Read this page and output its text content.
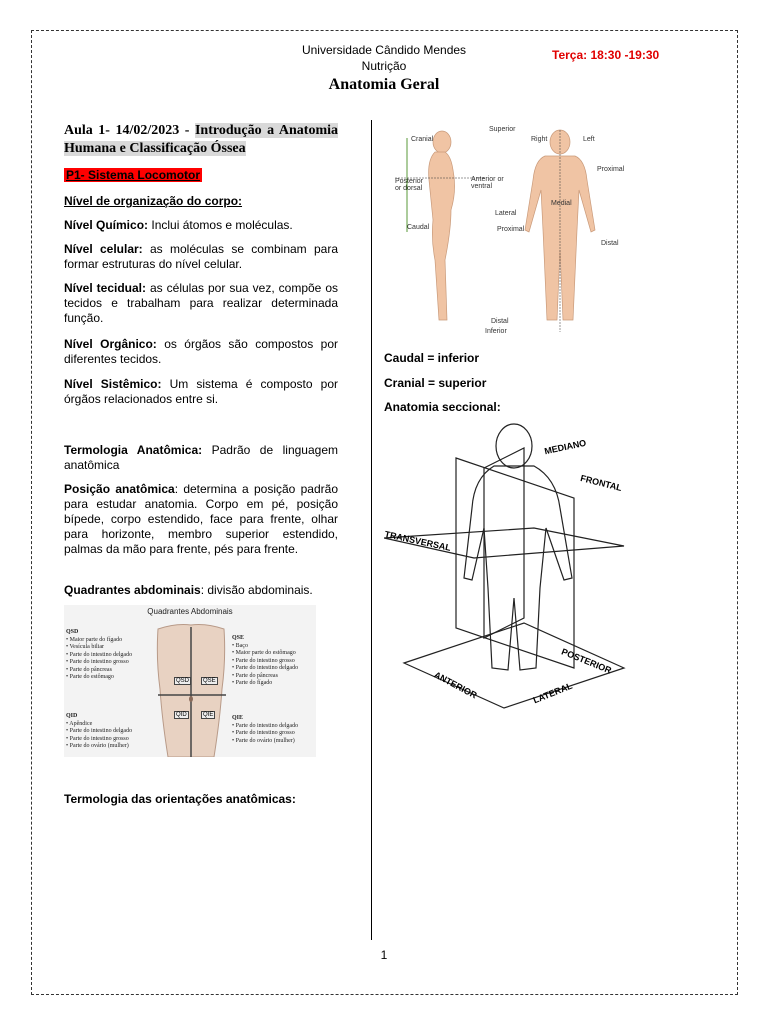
Universidade Cândido Mendes
Nutrição
Anatomia Geral
Terça: 18:30 -19:30
Aula 1- 14/02/2023 - Introdução a Anatomia Humana e Classificação Óssea
P1- Sistema Locomotor
Nível de organização do corpo:
Nível Químico: Inclui átomos e moléculas.
Nível celular: as moléculas se combinam para formar estruturas do nível celular.
Nível tecidual: as células por sua vez, compõe os tecidos e trabalham para realizar determinada função.
Nível Orgânico: os órgãos são compostos por diferentes tecidos.
Nível Sistêmico: Um sistema é composto por órgãos relacionados entre si.
Termologia Anatômica: Padrão de linguagem anatômica
Posição anatômica: determina a posição padrão para estudar anatomia. Corpo em pé, posição bípede, corpo estendido, face para frente, olhar para horizonte, membro superior estendido, palmas da mão para frente, pés para frente.
Quadrantes abdominais: divisão abdominais.
Quadrantes Abdominais
QSD	QSE
QID	QIE
QSD
• Maior parte do fígado
• Vesícula biliar
• Parte do intestino delgado
• Parte do intestino grosso
• Parte do pâncreas
• Parte do estômago
QSE
• Baço
• Maior parte do estômago
• Parte do intestino grosso
• Parte do intestino delgado
• Parte do pâncreas
• Parte do fígado
QID
• Apêndice
• Parte do intestino delgado
• Parte do intestino grosso
• Parte do ovário (mulher)
QIE
• Parte do intestino delgado
• Parte do intestino grosso
• Parte do ovário (mulher)
Termologia das orientações anatômicas:
Superior
Cranial	Right	Left
Proximal
Posterior or dorsal
Anterior or ventral
Medial
Lateral
Proximal
Caudal
Distal
Distal
Inferior
Caudal = inferior
Cranial = superior
Anatomia seccional:
MEDIANO
FRONTAL
TRANSVERSAL
POSTERIOR
ANTERIOR	LATERAL
1
